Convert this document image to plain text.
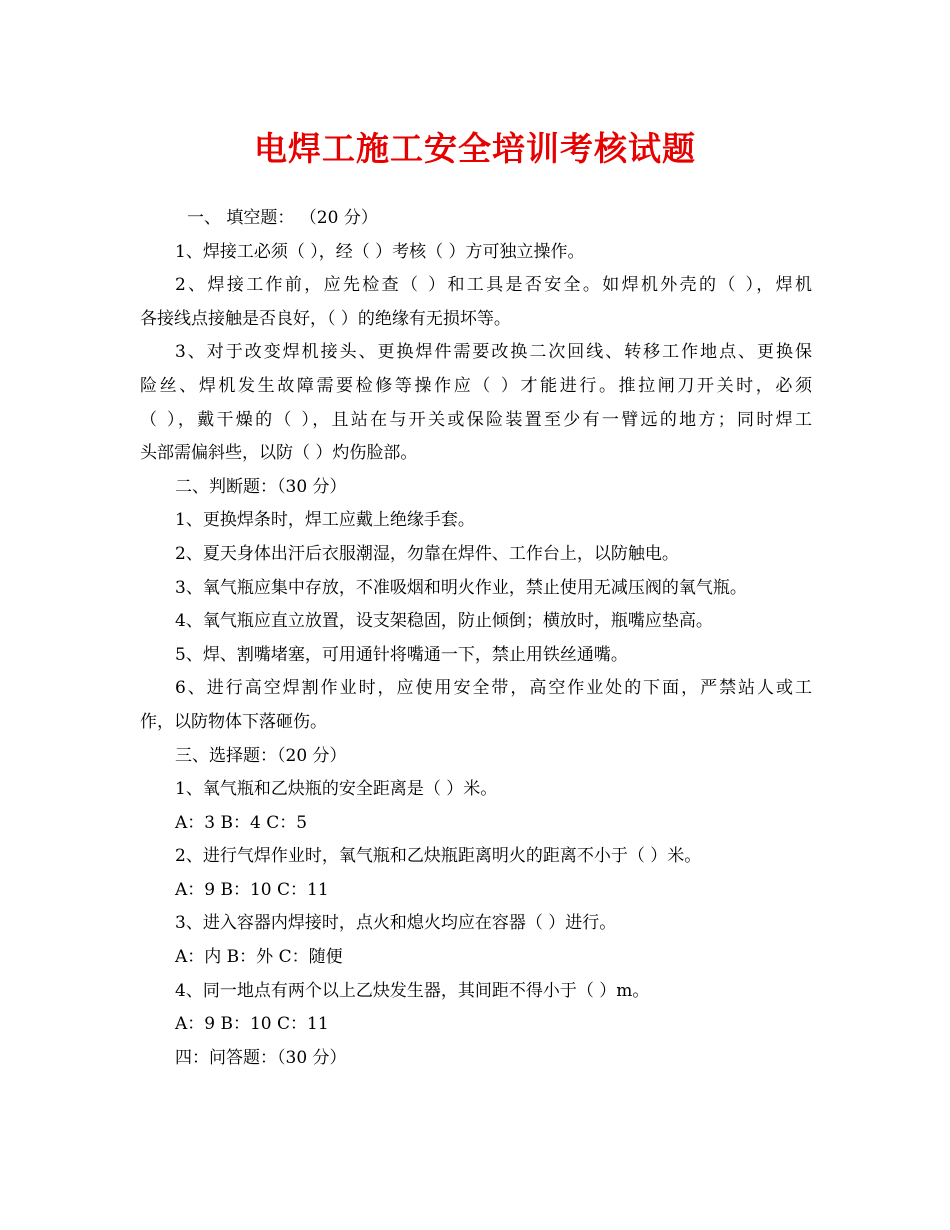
电焊工施工安全培训考核试题
一、 填空题： （20 分）
1、焊接工必须（ ），经（ ）考核（ ）方可独立操作。
2、焊接工作前，应先检查（ ）和工具是否安全。如焊机外壳的（ ），焊机
各接线点接触是否良好，（ ）的绝缘有无损坏等。
3、对于改变焊机接头、更换焊件需要改换二次回线、转移工作地点、更换保
险丝、焊机发生故障需要检修等操作应（ ）才能进行。推拉闸刀开关时，必须
（ ），戴干燥的（ ），且站在与开关或保险装置至少有一臂远的地方；同时焊工
头部需偏斜些，以防（ ）灼伤脸部。
二、判断题：（30 分）
1、更换焊条时，焊工应戴上绝缘手套。
2、夏天身体出汗后衣服潮湿，勿靠在焊件、工作台上，以防触电。
3、氧气瓶应集中存放，不准吸烟和明火作业，禁止使用无减压阀的氧气瓶。
4、氧气瓶应直立放置，设支架稳固，防止倾倒；横放时，瓶嘴应垫高。
5、焊、割嘴堵塞，可用通针将嘴通一下，禁止用铁丝通嘴。
6、进行高空焊割作业时，应使用安全带，高空作业处的下面，严禁站人或工
作，以防物体下落砸伤。
三、选择题：（20 分）
1、氧气瓶和乙炔瓶的安全距离是（ ）米。
A：3 B：4 C：5
2、进行气焊作业时，氧气瓶和乙炔瓶距离明火的距离不小于（ ）米。
A：9 B：10 C：11
3、进入容器内焊接时，点火和熄火均应在容器（ ）进行。
A：内 B：外 C：随便
4、同一地点有两个以上乙炔发生器，其间距不得小于（ ）m。
A：9 B：10 C：11
四：问答题：（30 分）
